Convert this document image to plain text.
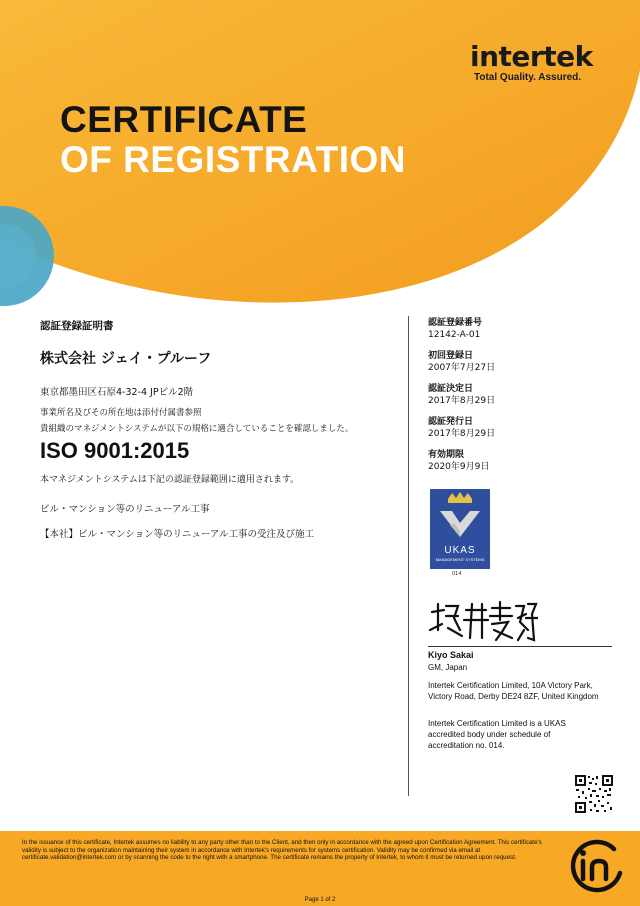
intertek
Total Quality. Assured.
CERTIFICATE
OF REGISTRATION
認証登録証明書
株式会社 ジェイ・プルーフ
東京都墨田区石原4-32-4 JPビル2階
事業所名及びその所在地は添付付属書参照
貴組織のマネジメントシステムが以下の規格に適合していることを確認しました。
ISO 9001:2015
本マネジメントシステムは下記の認証登録範囲に適用されます。
ビル・マンション等のリニューアル工事
【本社】ビル・マンション等のリニューアル工事の受注及び施工
認証登録番号
12142-A-01
初回登録日
2007年7月27日
認証決定日
2017年8月29日
認証発行日
2017年8月29日
有効期限
2020年9月9日
UKAS
MANAGEMENT SYSTEMS
014
Kiyo Sakai
GM, Japan
Intertek Certification Limited, 10A Victory Park, Victory Road, Derby DE24 8ZF, United Kingdom
Intertek Certification Limited is a UKAS accredited body under schedule of accreditation no. 014.
In the issuance of this certificate, Intertek assumes no liability to any party other than to the Client, and then only in accordance with the agreed upon Certification Agreement. This certificate's validity is subject to the organization maintaining their system in accordance with Intertek's requirements for systems certification. Validity may be confirmed via email at certificate.validation@intertek.com or by scanning the code to the right with a smartphone. The certificate remains the property of Intertek, to whom it must be returned upon request.
Page 1 of 2
